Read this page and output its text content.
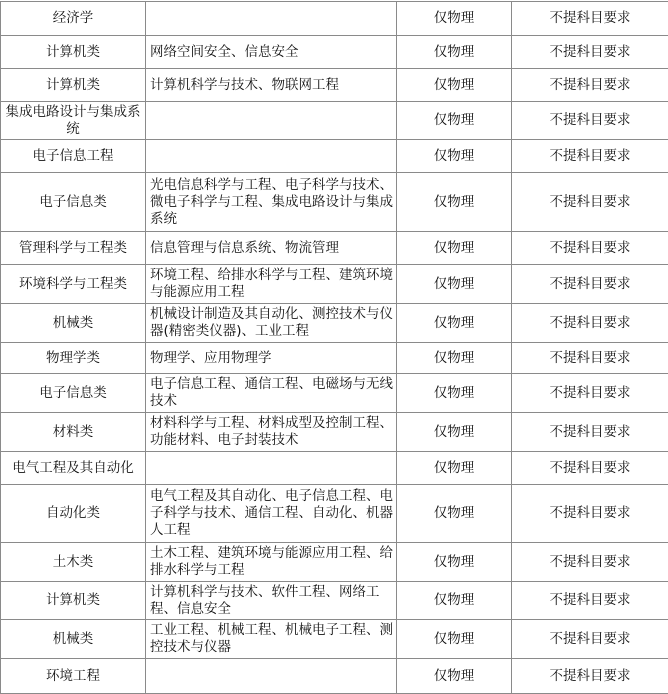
经济学		仅物理	不提科目要求
计算机类	网络空间安全、信息安全	仅物理	不提科目要求
计算机类	计算机科学与技术、物联网工程	仅物理	不提科目要求
集成电路设计与集成系统		仅物理	不提科目要求
电子信息工程		仅物理	不提科目要求
电子信息类	光电信息科学与工程、电子科学与技术、微电子科学与工程、集成电路设计与集成系统	仅物理	不提科目要求
管理科学与工程类	信息管理与信息系统、物流管理	仅物理	不提科目要求
环境科学与工程类	环境工程、给排水科学与工程、建筑环境与能源应用工程	仅物理	不提科目要求
机械类	机械设计制造及其自动化、测控技术与仪器(精密类仪器)、工业工程	仅物理	不提科目要求
物理学类	物理学、应用物理学	仅物理	不提科目要求
电子信息类	电子信息工程、通信工程、电磁场与无线技术	仅物理	不提科目要求
材料类	材料科学与工程、材料成型及控制工程、功能材料、电子封装技术	仅物理	不提科目要求
电气工程及其自动化		仅物理	不提科目要求
自动化类	电气工程及其自动化、电子信息工程、电子科学与技术、通信工程、自动化、机器人工程	仅物理	不提科目要求
土木类	土木工程、建筑环境与能源应用工程、给排水科学与工程	仅物理	不提科目要求
计算机类	计算机科学与技术、软件工程、网络工程、信息安全	仅物理	不提科目要求
机械类	工业工程、机械工程、机械电子工程、测控技术与仪器	仅物理	不提科目要求
环境工程		仅物理	不提科目要求
